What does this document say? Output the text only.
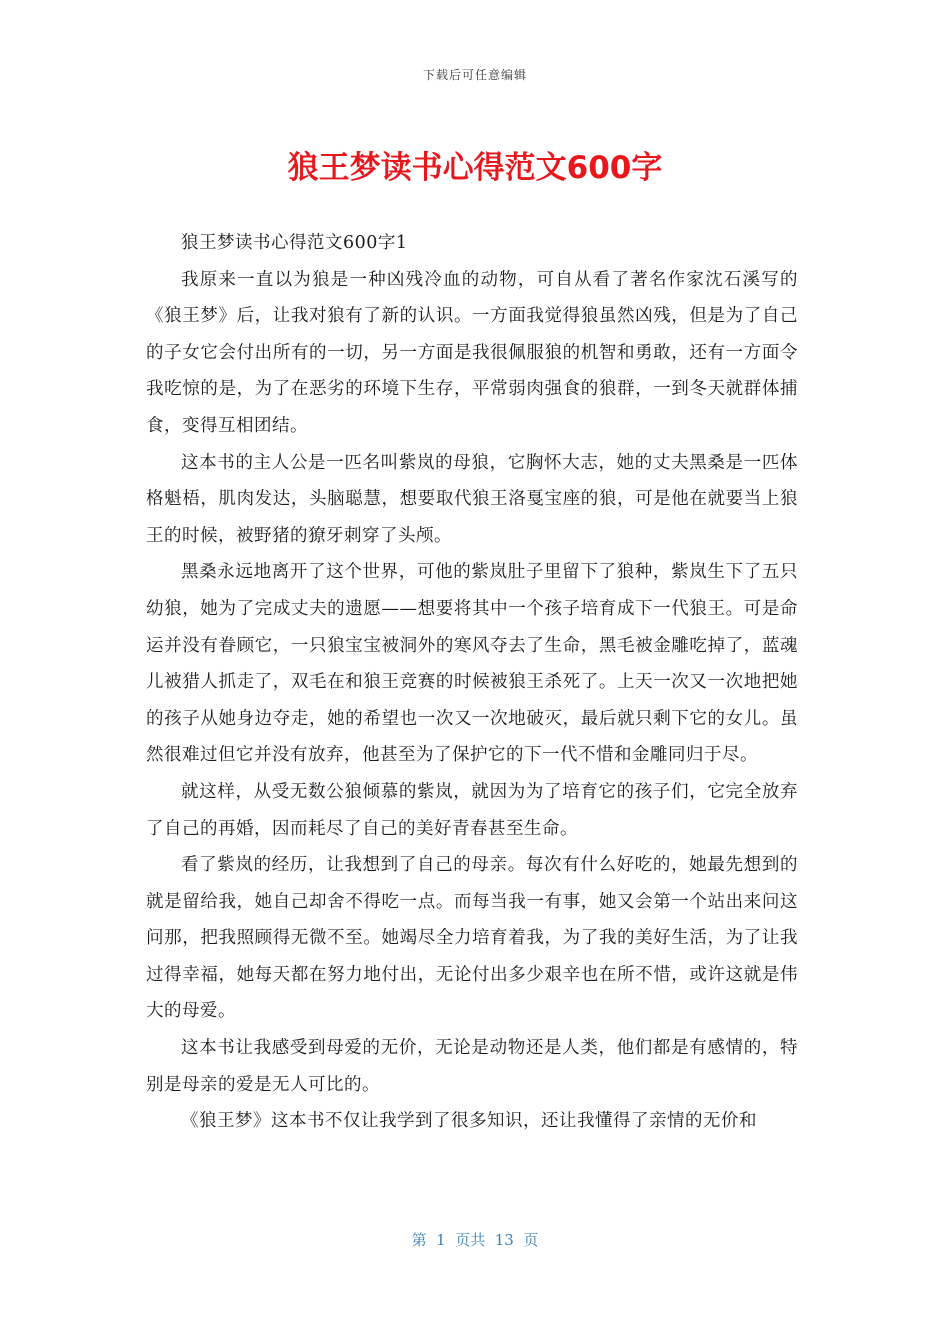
下载后可任意编辑
狼王梦读书心得范文600字

狼王梦读书心得范文600字1

我原来一直以为狼是一种凶残冷血的动物，可自从看了著名作家沈石溪写的《狼王梦》后，让我对狼有了新的认识。一方面我觉得狼虽然凶残，但是为了自己的子女它会付出所有的一切，另一方面是我很佩服狼的机智和勇敢，还有一方面令我吃惊的是，为了在恶劣的环境下生存，平常弱肉强食的狼群，一到冬天就群体捕食，变得互相团结。

这本书的主人公是一匹名叫紫岚的母狼，它胸怀大志，她的丈夫黑桑是一匹体格魁梧，肌肉发达，头脑聪慧，想要取代狼王洛戛宝座的狼，可是他在就要当上狼王的时候，被野猪的獠牙刺穿了头颅。

黑桑永远地离开了这个世界，可他的紫岚肚子里留下了狼种，紫岚生下了五只幼狼，她为了完成丈夫的遗愿——想要将其中一个孩子培育成下一代狼王。可是命运并没有眷顾它，一只狼宝宝被洞外的寒风夺去了生命，黑毛被金雕吃掉了，蓝魂儿被猎人抓走了，双毛在和狼王竞赛的时候被狼王杀死了。上天一次又一次地把她的孩子从她身边夺走，她的希望也一次又一次地破灭，最后就只剩下它的女儿。虽然很难过但它并没有放弃，他甚至为了保护它的下一代不惜和金雕同归于尽。

就这样，从受无数公狼倾慕的紫岚，就因为为了培育它的孩子们，它完全放弃了自己的再婚，因而耗尽了自己的美好青春甚至生命。

看了紫岚的经历，让我想到了自己的母亲。每次有什么好吃的，她最先想到的就是留给我，她自己却舍不得吃一点。而每当我一有事，她又会第一个站出来问这问那，把我照顾得无微不至。她竭尽全力培育着我，为了我的美好生活，为了让我过得幸福，她每天都在努力地付出，无论付出多少艰辛也在所不惜，或许这就是伟大的母爱。

这本书让我感受到母爱的无价，无论是动物还是人类，他们都是有感情的，特别是母亲的爱是无人可比的。

《狼王梦》这本书不仅让我学到了很多知识，还让我懂得了亲情的无价和

第  1  页共  13  页
